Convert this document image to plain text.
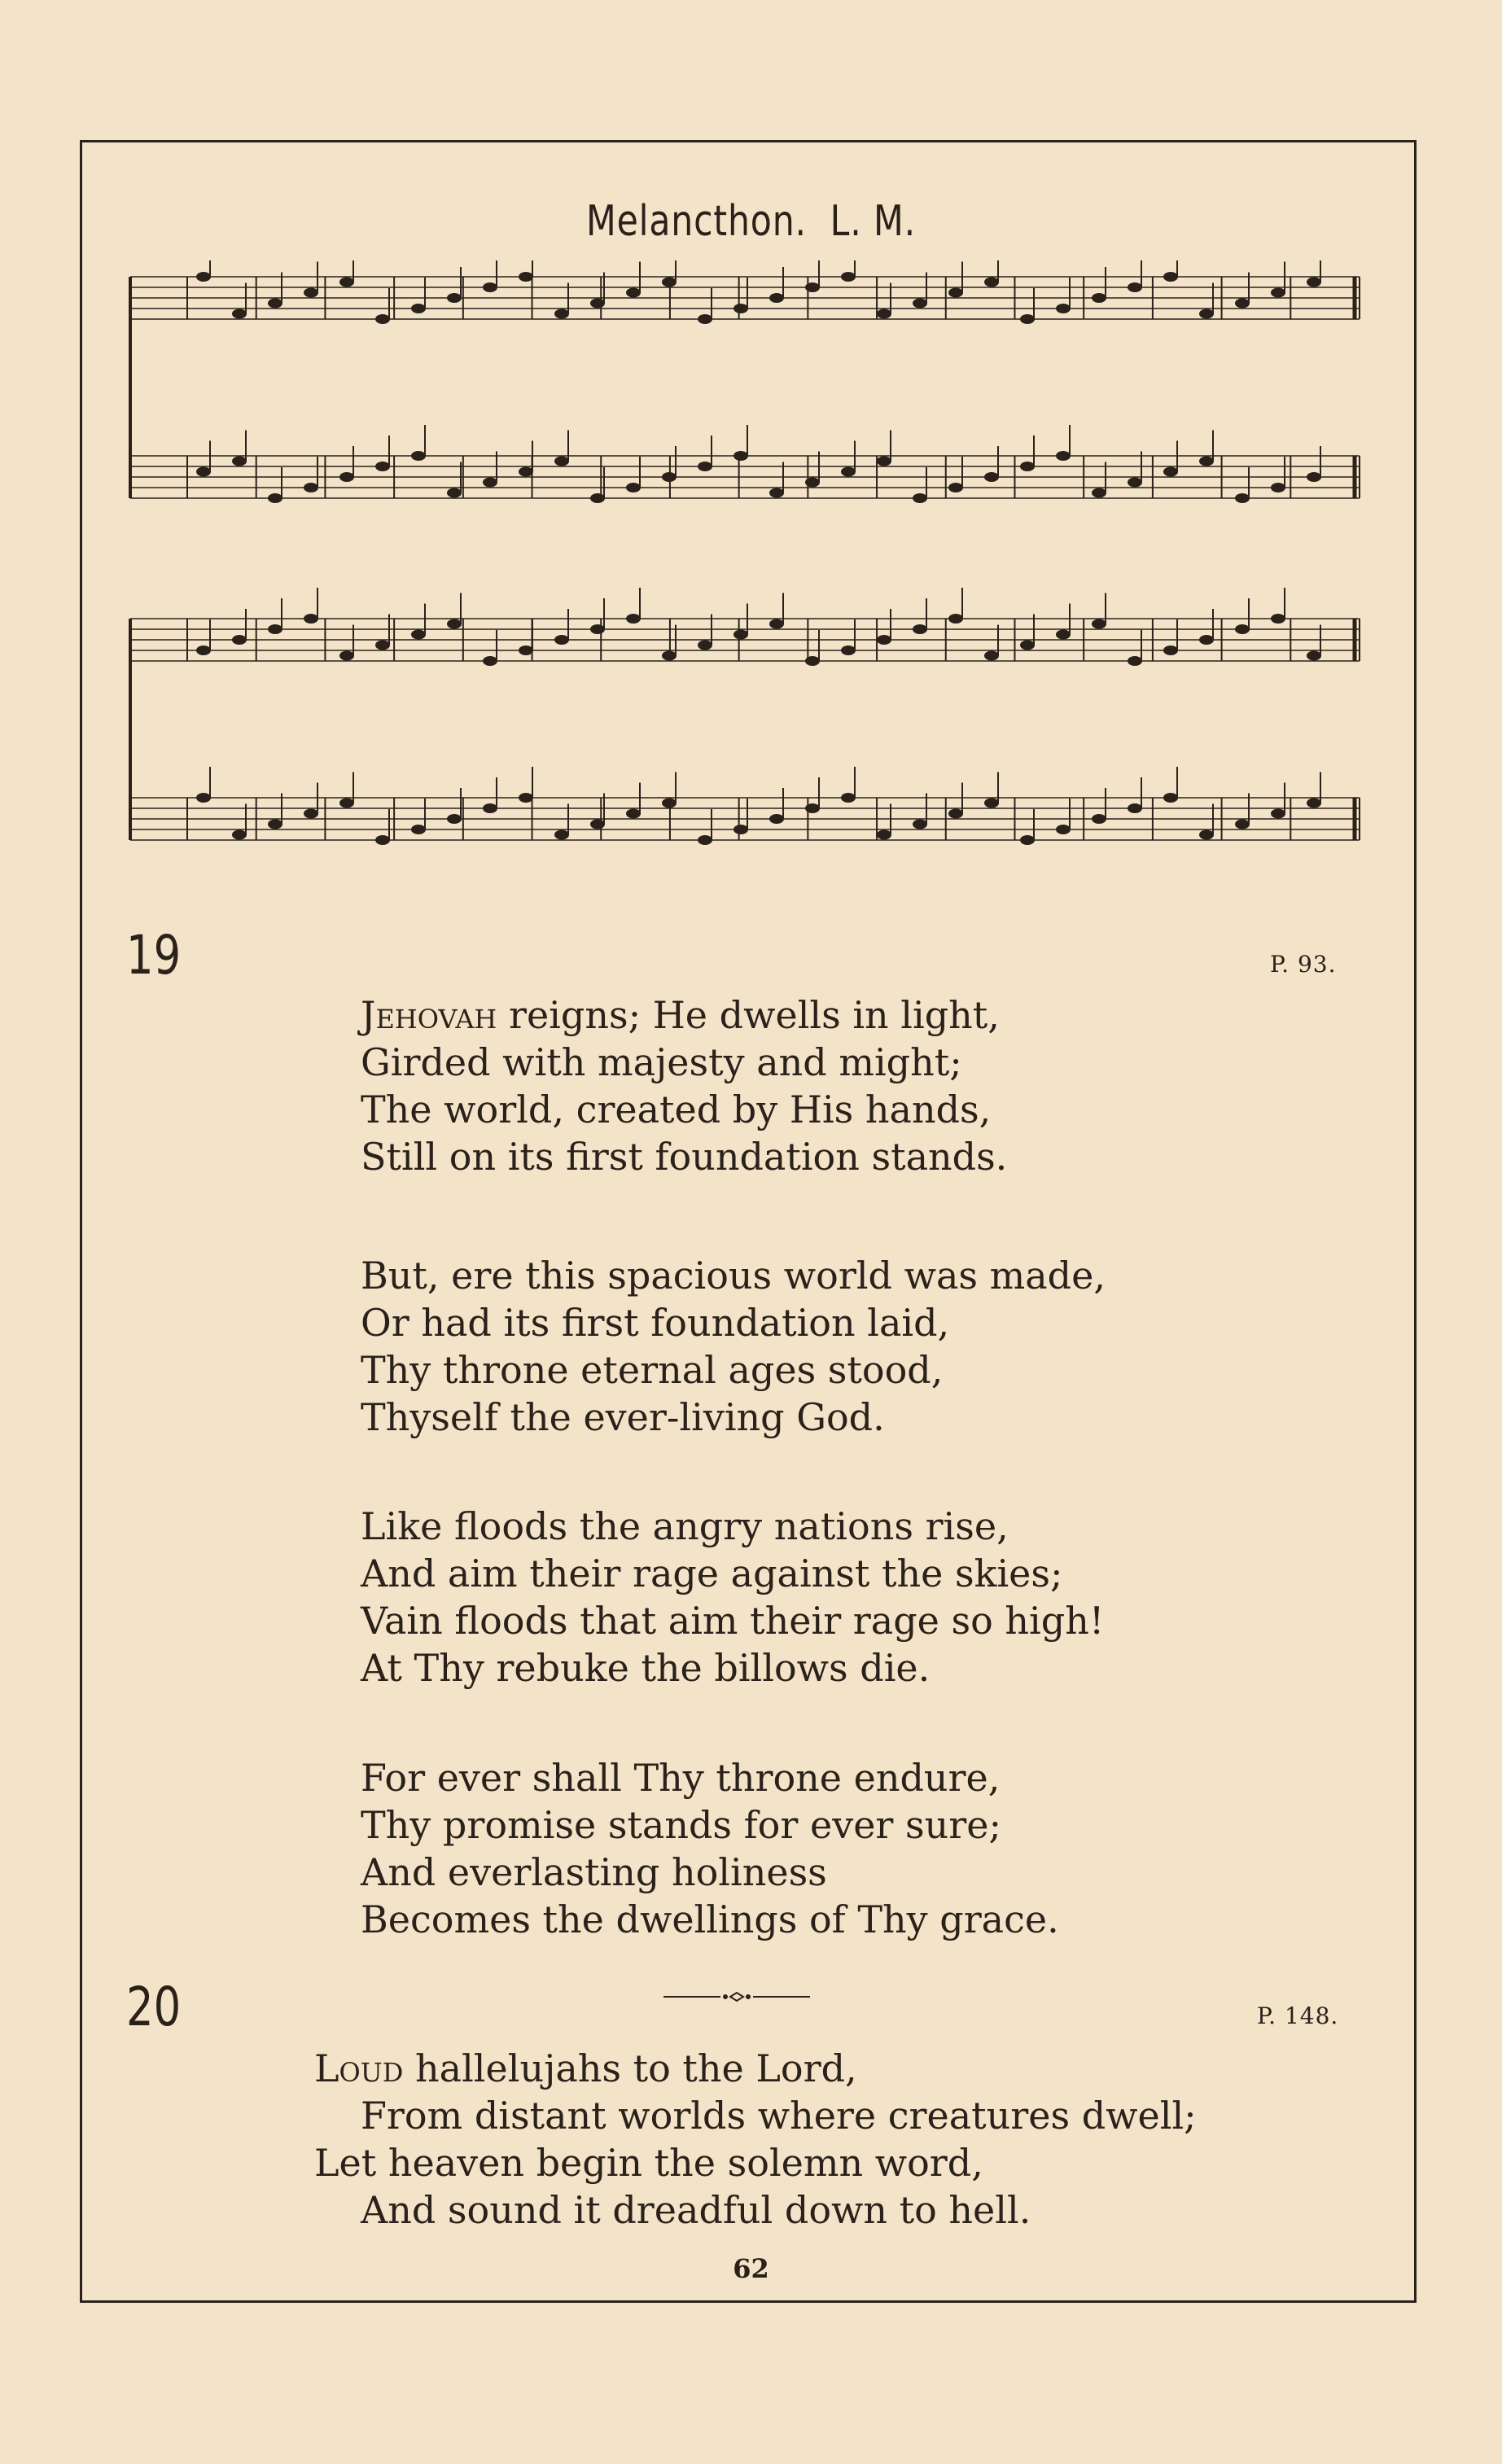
Melancthon. L. M.
19	P. 93.
Jehovah reigns; He dwells in light,
Girded with majesty and might;
The world, created by His hands,
Still on its first foundation stands.
But, ere this spacious world was made,
Or had its first foundation laid,
Thy throne eternal ages stood,
Thyself the ever-living God.
Like floods the angry nations rise,
And aim their rage against the skies;
Vain floods that aim their rage so high!
At Thy rebuke the billows die.
For ever shall Thy throne endure,
Thy promise stands for ever sure;
And everlasting holiness
Becomes the dwellings of Thy grace.
20	P. 148.
Loud hallelujahs to the Lord,
From distant worlds where creatures dwell;
Let heaven begin the solemn word,
And sound it dreadful down to hell.
62
